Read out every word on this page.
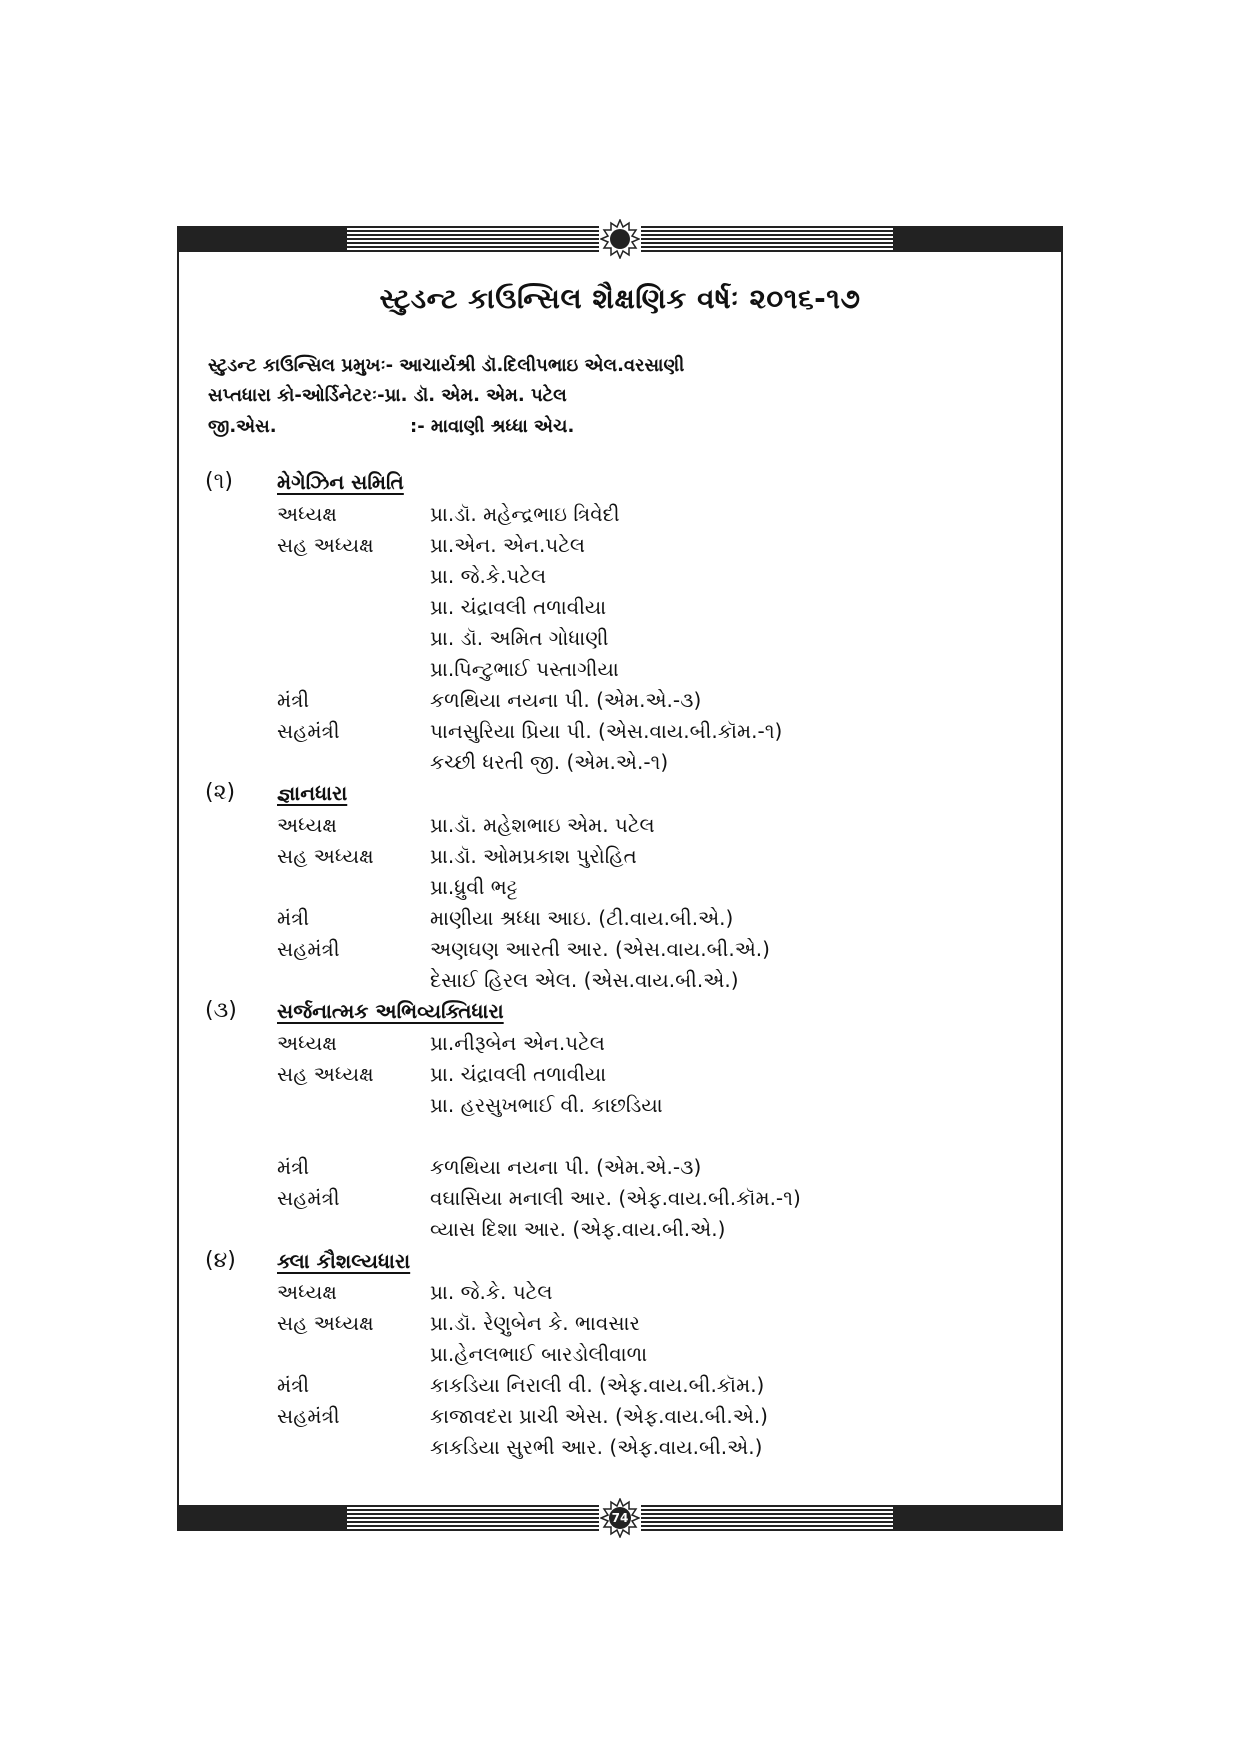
સ્ટુડન્ટ કાઉન્સિલ શૈક્ષણિક વર્ષઃ ૨૦૧૬-૧૭
સ્ટુડન્ટ કાઉન્સિલ પ્રમુખઃ- આચાર્યશ્રી ડૉ.દિલીપભાઇ એલ.વરસાણી
સપ્તધારા કો-ઓર્ડિનેટરઃ-પ્રા. ડૉ. એમ. એમ. પટેલ
જી.એસ.	:- માવાણી શ્રધ્ધા એચ.
(૧) મેગેઝિન સમિતિ
અધ્યક્ષ	પ્રા.ડૉ. મહેન્દ્રભાઇ ત્રિવેદી
સહ અધ્યક્ષ	પ્રા.એન. એન.પટેલ
પ્રા. જે.કે.પટેલ
પ્રા. ચંદ્રાવલી તળાવીયા
પ્રા. ડૉ. અમિત ગોધાણી
પ્રા.પિન્ટુભાઈ પસ્તાગીયા
મંત્રી	કળથિયા નયના પી. (એમ.એ.-૩)
સહમંત્રી	પાનસુરિયા પ્રિયા પી. (એસ.વાય.બી.કૉમ.-૧)
કચ્છી ધરતી જી. (એમ.એ.-૧)
(૨) જ્ઞાનધારા
અધ્યક્ષ	પ્રા.ડૉ. મહેશભાઇ એમ. પટેલ
સહ અધ્યક્ષ	પ્રા.ડૉ. ઓમપ્રકાશ પુરોહિત
પ્રા.ધ્રુવી ભટ્ટ
મંત્રી	માણીયા શ્રધ્ધા આઇ. (ટી.વાય.બી.એ.)
સહમંત્રી	અણઘણ આરતી આર. (એસ.વાય.બી.એ.)
દેસાઈ હિરલ એલ. (એસ.વાય.બી.એ.)
(૩) સર્જનાત્મક અભિવ્યક્તિધારા
અધ્યક્ષ	પ્રા.નીરૂબેન એન.પટેલ
સહ અધ્યક્ષ	પ્રા. ચંદ્રાવલી તળાવીયા
પ્રા. હરસુખભાઈ વી. કાછડિયા
મંત્રી	કળથિયા નયના પી. (એમ.એ.-૩)
સહમંત્રી	વઘાસિયા મનાલી આર. (એફ.વાય.બી.કૉમ.-૧)
વ્યાસ દિશા આર. (એફ.વાય.બી.એ.)
(૪) ક્લા કૌશલ્યધારા
અધ્યક્ષ	પ્રા. જે.કે. પટેલ
સહ અધ્યક્ષ	પ્રા.ડૉ. રેણુબેન કે. ભાવસાર
પ્રા.હેનલભાઈ બારડોલીવાળા
મંત્રી	કાકડિયા નિરાલી વી. (એફ.વાય.બી.કૉમ.)
સહમંત્રી	કાજાવદરા પ્રાચી એસ. (એફ.વાય.બી.એ.)
કાકડિયા સુરભી આર. (એફ.વાય.બી.એ.)
74
